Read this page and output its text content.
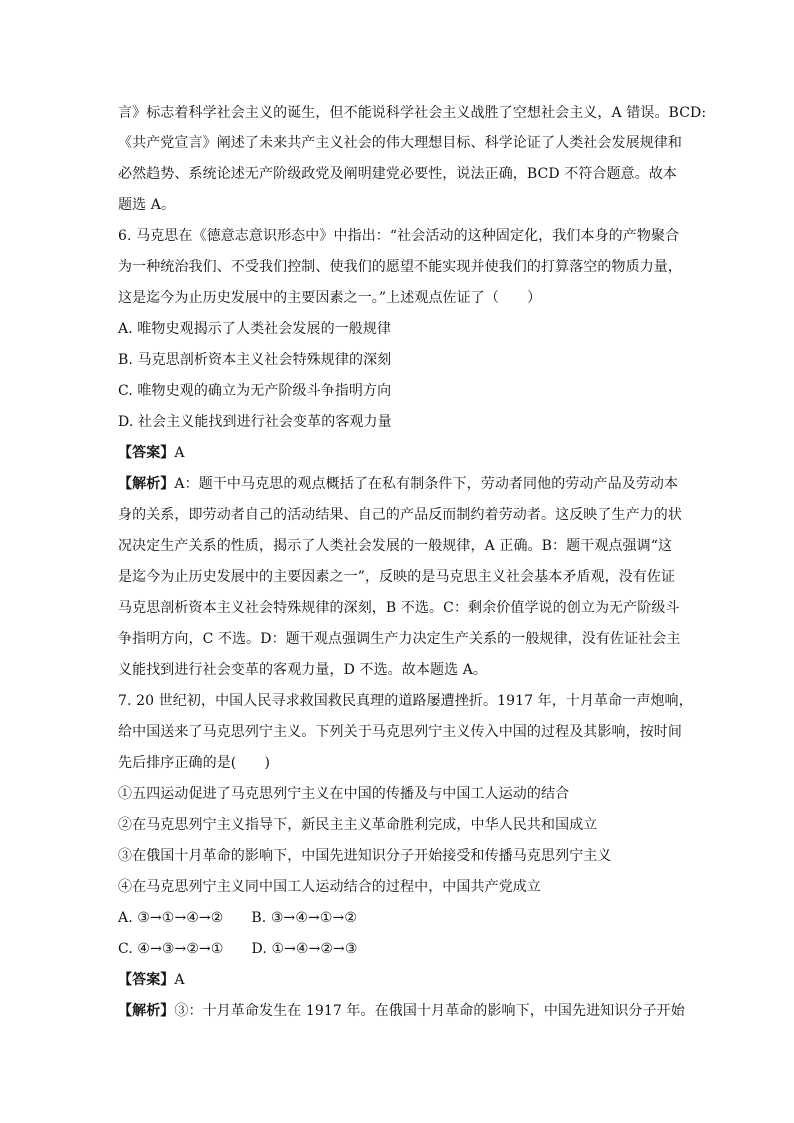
言》标志着科学社会主义的诞生，但不能说科学社会主义战胜了空想社会主义，A 错误。BCD:
《共产党宣言》阐述了未来共产主义社会的伟大理想目标、科学论证了人类社会发展规律和
必然趋势、系统论述无产阶级政党及阐明建党必要性，说法正确，BCD 不符合题意。故本
题选 A。
6. 马克思在《德意志意识形态中》中指出：“社会活动的这种固定化，我们本身的产物聚合
为一种统治我们、不受我们控制、使我们的愿望不能实现并使我们的打算落空的物质力量，
这是迄今为止历史发展中的主要因素之一。”上述观点佐证了（　　）
A. 唯物史观揭示了人类社会发展的一般规律
B. 马克思剖析资本主义社会特殊规律的深刻
C. 唯物史观的确立为无产阶级斗争指明方向
D. 社会主义能找到进行社会变革的客观力量
【答案】A
【解析】A：题干中马克思的观点概括了在私有制条件下，劳动者同他的劳动产品及劳动本
身的关系，即劳动者自己的活动结果、自己的产品反而制约着劳动者。这反映了生产力的状
况决定生产关系的性质，揭示了人类社会发展的一般规律，A 正确。B：题干观点强调“这
是迄今为止历史发展中的主要因素之一”，反映的是马克思主义社会基本矛盾观，没有佐证
马克思剖析资本主义社会特殊规律的深刻，B 不选。C：剩余价值学说的创立为无产阶级斗
争指明方向，C 不选。D：题干观点强调生产力决定生产关系的一般规律，没有佐证社会主
义能找到进行社会变革的客观力量，D 不选。故本题选 A。
7. 20 世纪初，中国人民寻求救国救民真理的道路屡遭挫折。1917 年，十月革命一声炮响，
给中国送来了马克思列宁主义。下列关于马克思列宁主义传入中国的过程及其影响，按时间
先后排序正确的是(　　)
①五四运动促进了马克思列宁主义在中国的传播及与中国工人运动的结合
②在马克思列宁主义指导下，新民主主义革命胜利完成，中华人民共和国成立
③在俄国十月革命的影响下，中国先进知识分子开始接受和传播马克思列宁主义
④在马克思列宁主义同中国工人运动结合的过程中，中国共产党成立
A. ③→①→④→② B. ③→④→①→②
C. ④→③→②→① D. ①→④→②→③
【答案】A
【解析】③：十月革命发生在 1917 年。在俄国十月革命的影响下，中国先进知识分子开始
